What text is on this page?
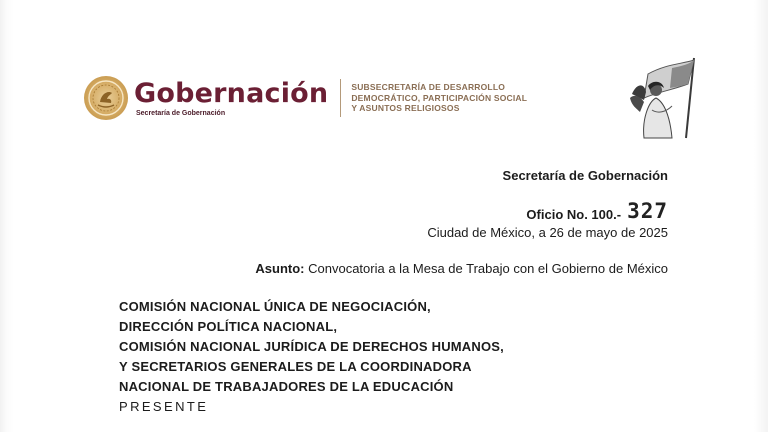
Gobernación
Secretaría de Gobernación
SUBSECRETARÍA DE DESARROLLO
DEMOCRÁTICO, PARTICIPACIÓN SOCIAL
Y ASUNTOS RELIGIOSOS
Secretaría de Gobernación
Oficio No. 100.- 327
Ciudad de México, a 26 de mayo de 2025
Asunto: Convocatoria a la Mesa de Trabajo con el Gobierno de México
COMISIÓN NACIONAL ÚNICA DE NEGOCIACIÓN,
DIRECCIÓN POLÍTICA NACIONAL,
COMISIÓN NACIONAL JURÍDICA DE DERECHOS HUMANOS,
Y SECRETARIOS GENERALES DE LA COORDINADORA
NACIONAL DE TRABAJADORES DE LA EDUCACIÓN
PRESENTE
